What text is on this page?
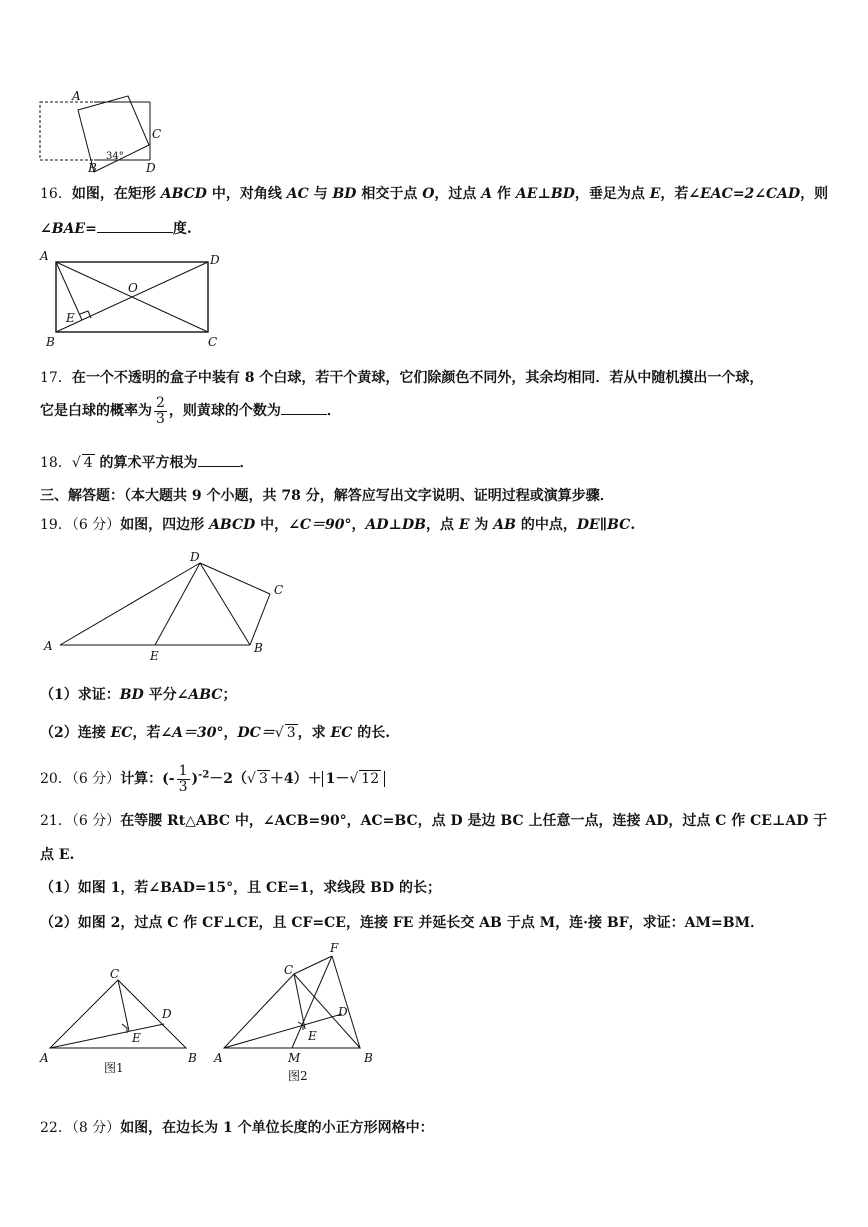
A
B
C
D
34°
16．如图，在矩形 ABCD 中，对角线 AC 与 BD 相交于点 O，过点 A 作 AE⊥BD，垂足为点 E，若∠EAC=2∠CAD，则
∠BAE=	度.
A
B	C
D
O
E
17．在一个不透明的盒子中装有 8 个白球，若干个黄球，它们除颜色不同外，其余均相同．若从中随机摸出一个球，
它是白球的概率为 $\frac{2}{3}$ ，则黄球的个数为	．
18．√ 4 的算术平方根为	．
三、解答题：（本大题共 9 个小题，共 78 分，解答应写出文字说明、证明过程或演算步骤．
19．（6 分）如图，四边形 ABCD 中，∠C＝90°，AD⊥DB，点 E 为 AB 的中点，DE∥BC.
A	B
C
D
E
（1）求证：BD 平分∠ABC；
（2）连接 EC，若∠A＝30°，DC＝√ 3 ，求 EC 的长.
20．（6 分）计算：(- $\frac{1}{3} )^{-2}-2(√$ 3 ＋4）＋ 1－√ 12
21．（6 分）在等腰 Rt△ABC 中，∠ACB=90°，AC=BC，点 D 是边 BC 上任意一点，连接 AD，过点 C 作 CE⊥AD 于
点 E.
（1）如图 1，若∠BAD=15°，且 CE=1，求线段 BD 的长；
（2）如图 2，过点 C 作 CF⊥CE，且 CF=CE，连接 FE 并延长交 AB 于点 M，连·接 BF，求证：AM=BM．
A	B
C
D
E
图1
A	B
C
D
E
F
M
图2
22．（8 分）如图，在边长为 1 个单位长度的小正方形网格中：
